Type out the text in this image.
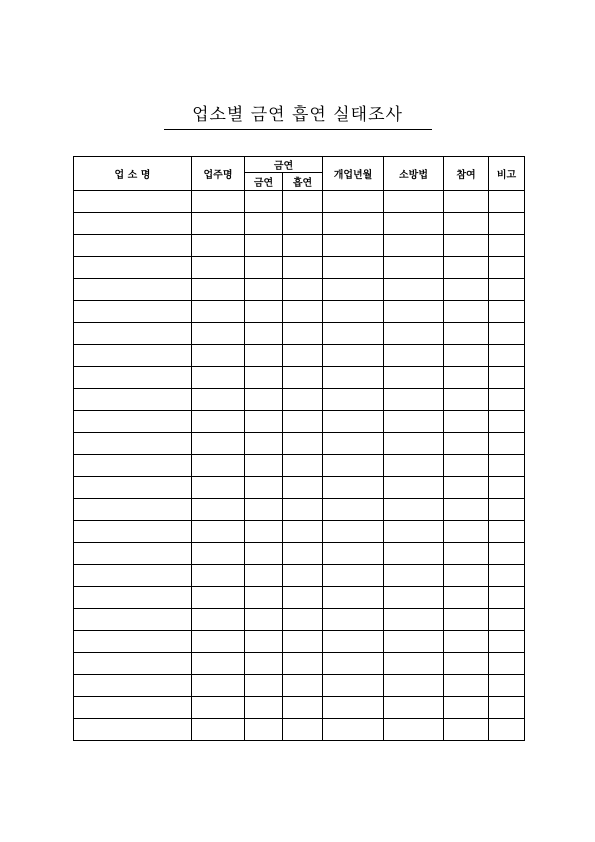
업소별 금연 흡연 실태조사
업 소 명	업주명	금연		개업년월	소방법	참여	비고
		금연	흡연				
